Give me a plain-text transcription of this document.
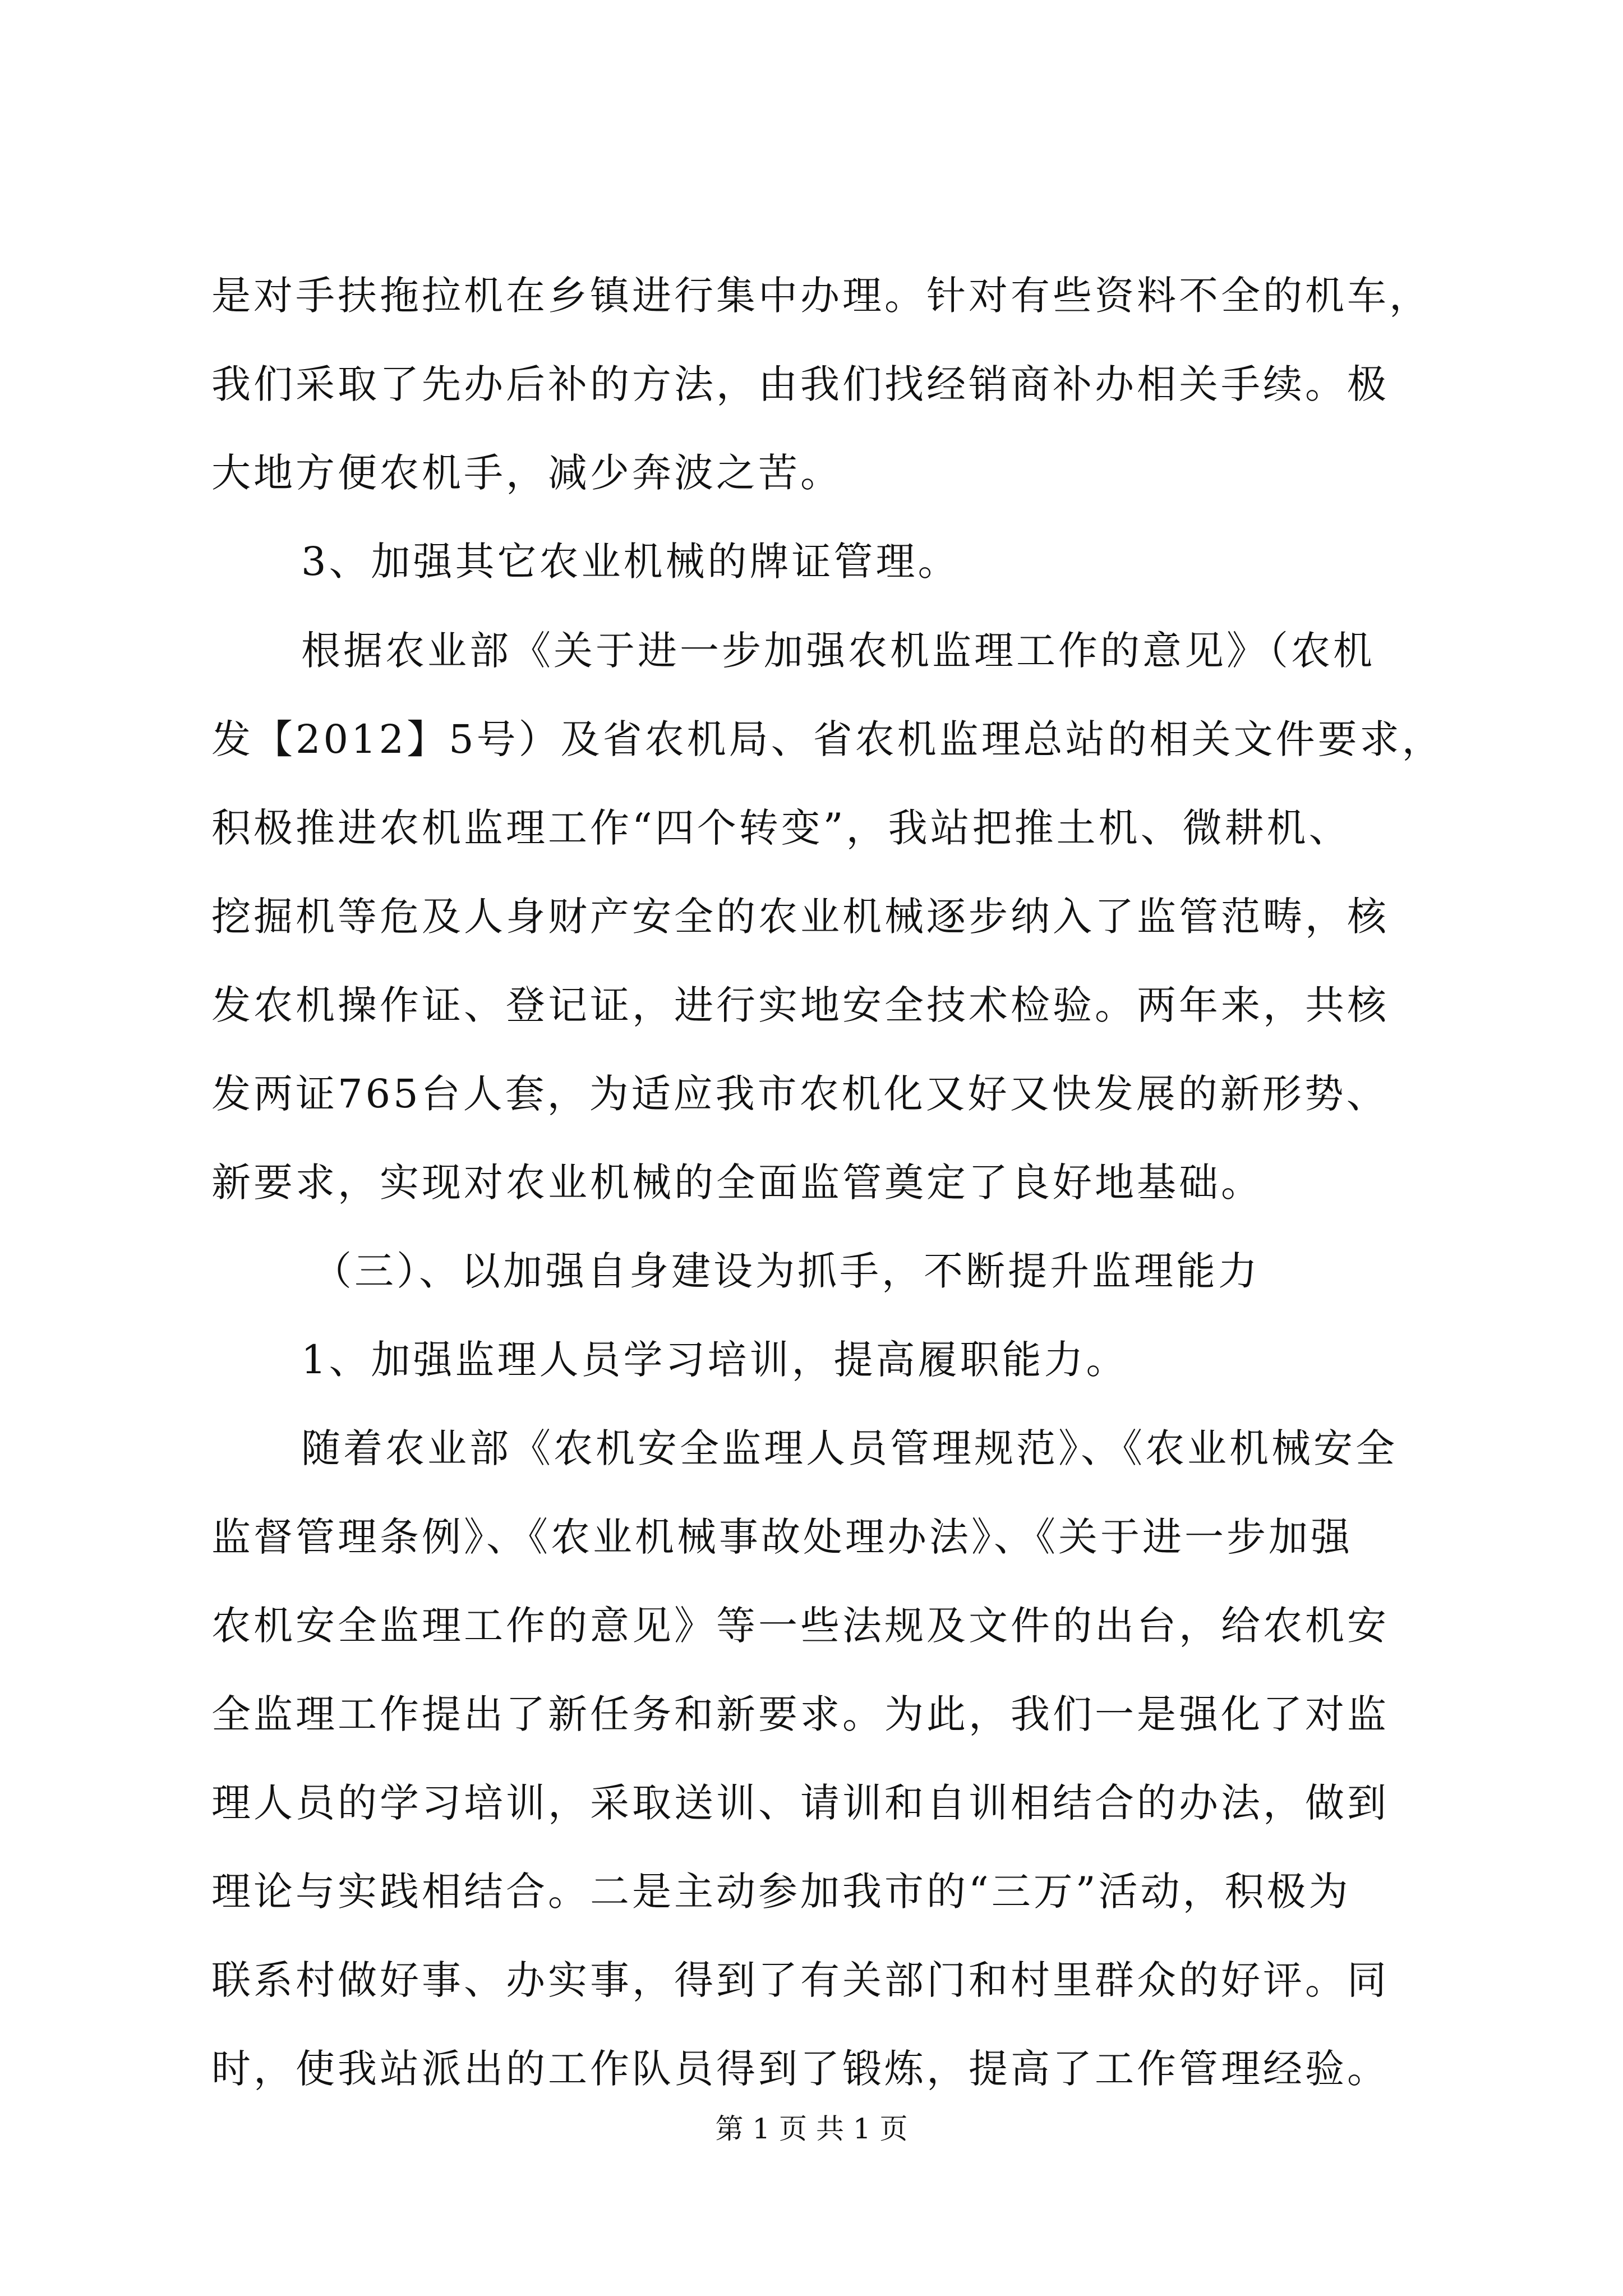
是对手扶拖拉机在乡镇进行集中办理。针对有些资料不全的机车，
我们采取了先办后补的方法，由我们找经销商补办相关手续。极
大地方便农机手，减少奔波之苦。
3、加强其它农业机械的牌证管理。
根据农业部《关于进一步加强农机监理工作的意见》（农机
发【2012】5号）及省农机局、省农机监理总站的相关文件要求，
积极推进农机监理工作“四个转变”，我站把推土机、微耕机、
挖掘机等危及人身财产安全的农业机械逐步纳入了监管范畴，核
发农机操作证、登记证，进行实地安全技术检验。两年来，共核
发两证765台人套，为适应我市农机化又好又快发展的新形势、
新要求，实现对农业机械的全面监管奠定了良好地基础。
（三）、以加强自身建设为抓手，不断提升监理能力
1、加强监理人员学习培训，提高履职能力。
随着农业部《农机安全监理人员管理规范》、《农业机械安全
监督管理条例》、《农业机械事故处理办法》、《关于进一步加强
农机安全监理工作的意见》等一些法规及文件的出台，给农机安
全监理工作提出了新任务和新要求。为此，我们一是强化了对监
理人员的学习培训，采取送训、请训和自训相结合的办法，做到
理论与实践相结合。二是主动参加我市的“三万”活动，积极为
联系村做好事、办实事，得到了有关部门和村里群众的好评。同
时，使我站派出的工作队员得到了锻炼，提高了工作管理经验。
第 1 页 共 1 页
